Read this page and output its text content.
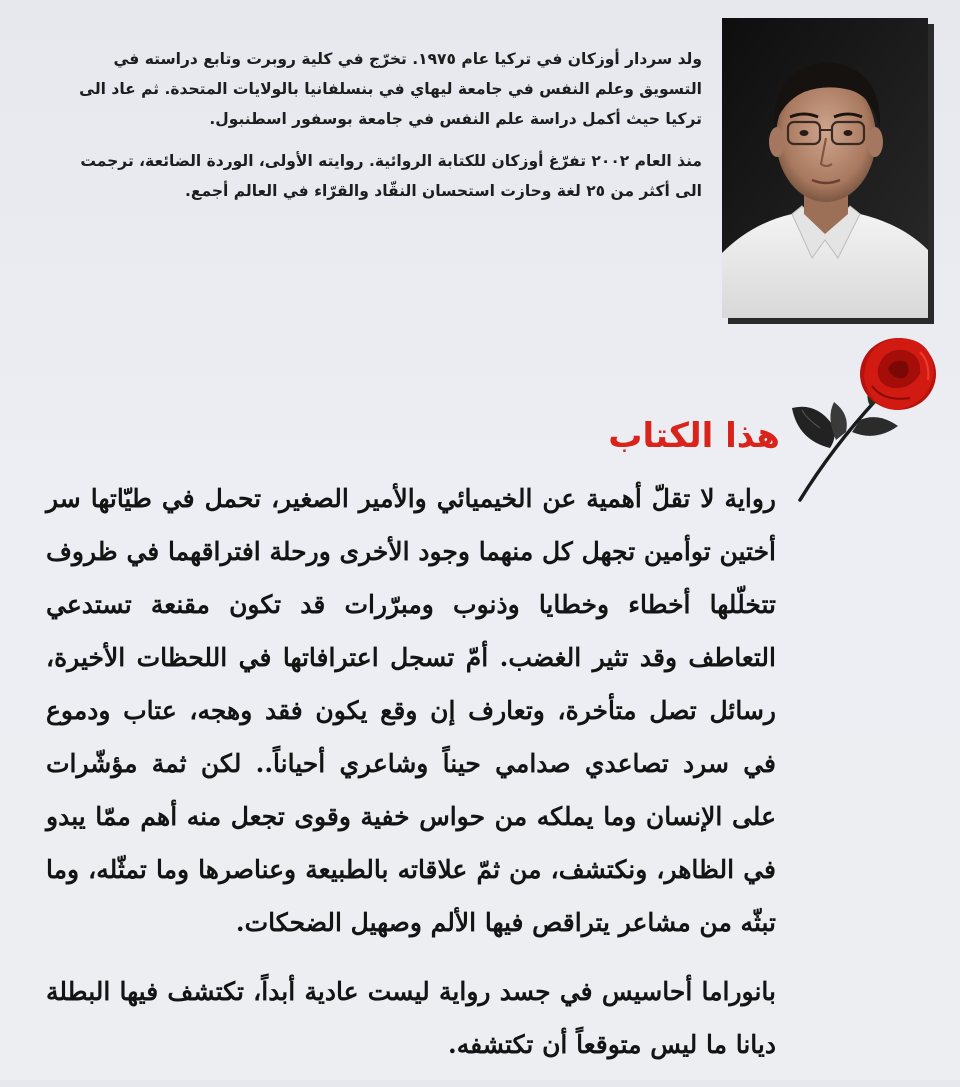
ولد سردار أوزكان في تركيا عام ١٩٧٥. تخرّج في كلية روبرت وتابع دراسته في التسويق وعلم النفس في جامعة ليهاي في بنسلفانيا بالولايات المتحدة. ثم عاد الى تركيا حيث أكمل دراسة علم النفس في جامعة بوسفور اسطنبول.

منذ العام ٢٠٠٢ تفرّغ أوزكان للكتابة الروائية. روايته الأولى، الوردة الضائعة، ترجمت الى أكثر من ٢٥ لغة وحازت استحسان النقّاد والقرّاء في العالم أجمع.

هذا الكتاب

رواية لا تقلّ أهمية عن الخيميائي والأمير الصغير، تحمل في طيّاتها سر أختين توأمين تجهل كل منهما وجود الأخرى ورحلة افتراقهما في ظروف تتخلّلها أخطاء وخطايا وذنوب ومبرّرات قد تكون مقنعة تستدعي التعاطف وقد تثير الغضب. أمّ تسجل اعترافاتها في اللحظات الأخيرة، رسائل تصل متأخرة، وتعارف إن وقع يكون فقد وهجه، عتاب ودموع في سرد تصاعدي صدامي حيناً وشاعري أحياناً.. لكن ثمة مؤشّرات على الإنسان وما يملكه من حواس خفية وقوى تجعل منه أهم ممّا يبدو في الظاهر، ونكتشف، من ثمّ علاقاته بالطبيعة وعناصرها وما تمثّله، وما تبثّه من مشاعر يتراقص فيها الألم وصهيل الضحكات.

بانوراما أحاسيس في جسد رواية ليست عادية أبداً، تكتشف فيها البطلة ديانا ما ليس متوقعاً أن تكتشفه.
